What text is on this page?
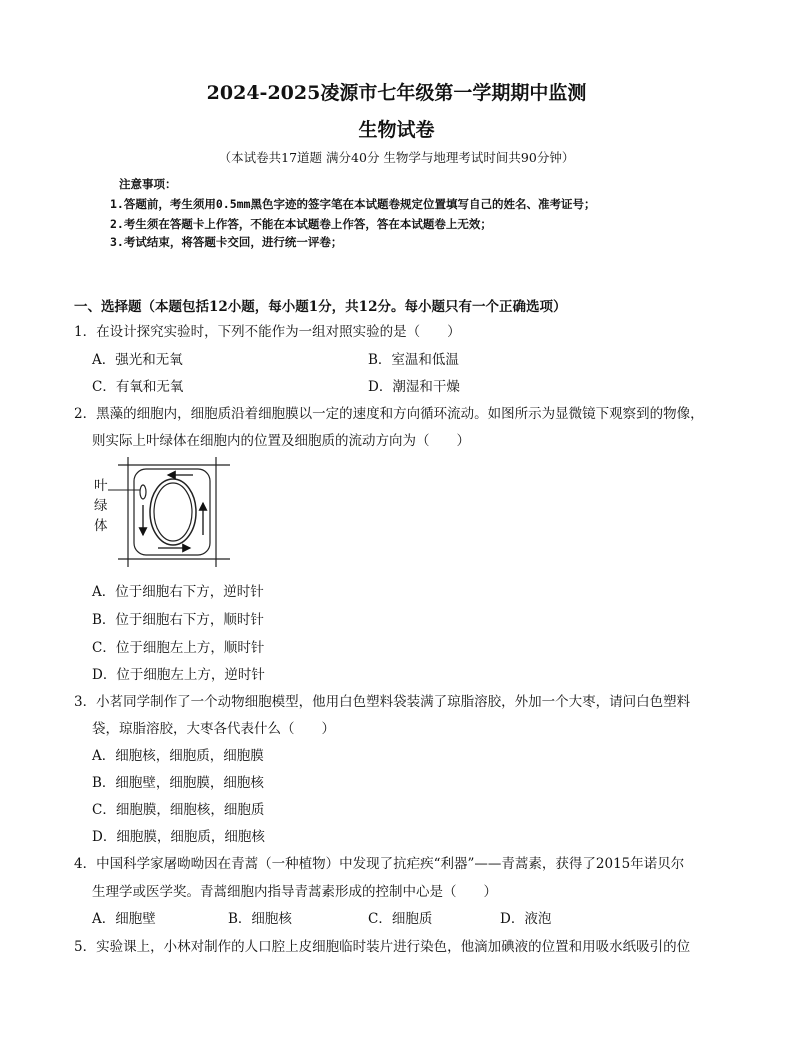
2024-2025凌源市七年级第一学期期中监测
生物试卷
（本试卷共17道题 满分40分 生物学与地理考试时间共90分钟）
注意事项：
1.答题前，考生须用0.5mm黑色字迹的签字笔在本试题卷规定位置填写自己的姓名、准考证号；
2.考生须在答题卡上作答，不能在本试题卷上作答，答在本试题卷上无效；
3.考试结束，将答题卡交回，进行统一评卷；
一、选择题（本题包括12小题，每小题1分，共12分。每小题只有一个正确选项）
1．在设计探究实验时，下列不能作为一组对照实验的是（　　）
A．强光和无氧	B．室温和低温
C．有氧和无氧	D．潮湿和干燥
2．黑藻的细胞内，细胞质沿着细胞膜以一定的速度和方向循环流动。如图所示为显微镜下观察到的物像，
则实际上叶绿体在细胞内的位置及细胞质的流动方向为（　　）
叶
绿
体
A．位于细胞右下方，逆时针
B．位于细胞右下方，顺时针
C．位于细胞左上方，顺时针
D．位于细胞左上方，逆时针
3．小茗同学制作了一个动物细胞模型，他用白色塑料袋装满了琼脂溶胶，外加一个大枣，请问白色塑料
袋，琼脂溶胶，大枣各代表什么（　　）
A．细胞核，细胞质，细胞膜
B．细胞壁，细胞膜，细胞核
C．细胞膜，细胞核，细胞质
D．细胞膜，细胞质，细胞核
4．中国科学家屠呦呦因在青蒿（一种植物）中发现了抗疟疾“利器”——青蒿素，获得了2015年诺贝尔
生理学或医学奖。青蒿细胞内指导青蒿素形成的控制中心是（　　）
A．细胞壁	B．细胞核	C．细胞质	D．液泡
5．实验课上，小林对制作的人口腔上皮细胞临时装片进行染色，他滴加碘液的位置和用吸水纸吸引的位
